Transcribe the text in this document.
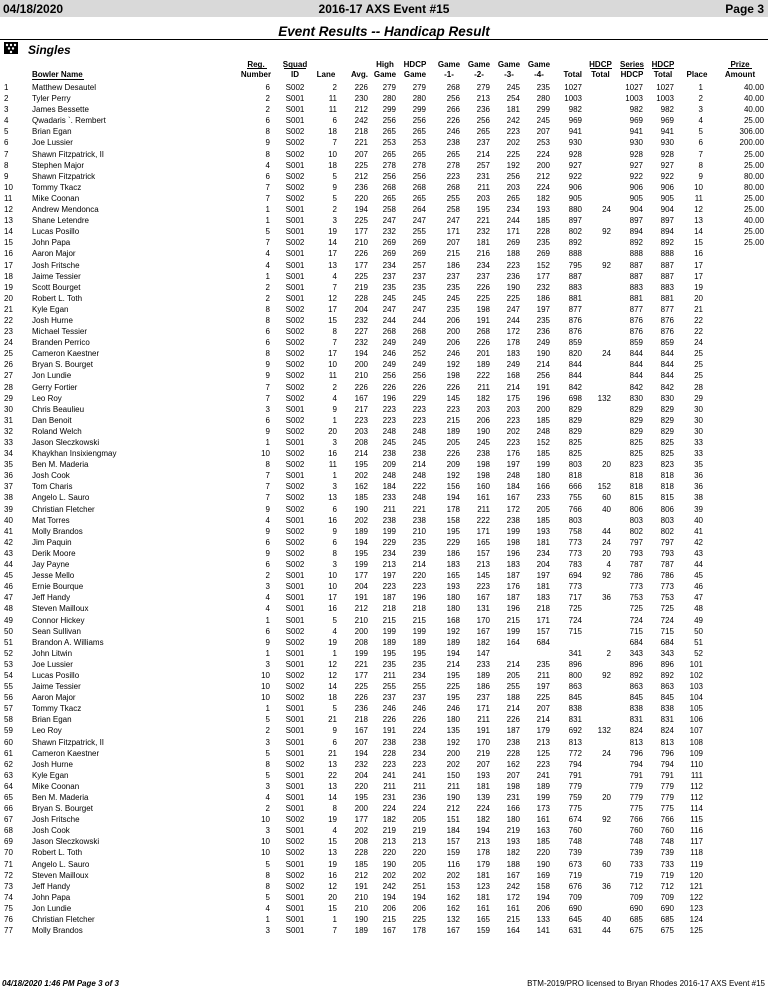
04/18/2020	2016-17 AXS Event #15	Page 3
Event Results -- Handicap Result
Singles
Bowler Name
Reg.
Number
Squad
ID	Lane	Avg.
High
Game
HDCP
Game
Game
-1-
Game
-2-
Game
-3-
Game
-4-	Total
HDCP
Total
Series
HDCP
HDCP
Total	Place
Prize
Amount
1	Matthew Desautel	6	S002	2	226	279	279	268	279	245	235	1027	1027	1027	1	40.00
2	Tyler Perry	2	S001	11	230	280	280	256	213	254	280	1003	1003	1003	2	40.00
3	James Bessette	2	S001	11	212	299	299	266	236	181	299	982	982	982	3	40.00
4	Qwadaris `. Rembert	6	S001	6	242	256	256	226	256	242	245	969	969	969	4	25.00
5	Brian Egan	8	S002	18	218	265	265	246	265	223	207	941	941	941	5	306.00
6	Joe Lussier	9	S002	7	221	253	253	238	237	202	253	930	930	930	6	200.00
7	Shawn Fitzpatrick, II	8	S002	10	207	265	265	265	214	225	224	928	928	928	7	25.00
8	Stephen Major	4	S001	18	225	278	278	278	257	192	200	927	927	927	8	25.00
9	Shawn Fitzpatrick	6	S002	5	212	256	256	223	231	256	212	922	922	922	9	80.00
10	Tommy Tkacz	7	S002	9	236	268	268	268	211	203	224	906	906	906	10	80.00
11	Mike Coonan	7	S002	5	220	265	265	255	203	265	182	905	905	905	11	25.00
12	Andrew Mendonca	1	S001	2	194	258	264	258	195	234	193	880	24	904	904	12	25.00
13	Shane Letendre	1	S001	3	225	247	247	247	221	244	185	897	897	897	13	40.00
14	Lucas Posillo	5	S001	19	177	232	255	171	232	171	228	802	92	894	894	14	25.00
15	John Papa	7	S002	14	210	269	269	207	181	269	235	892	892	892	15	25.00
16	Aaron Major	4	S001	17	226	269	269	215	216	188	269	888	888	888	16
17	Josh Fritsche	4	S001	13	177	234	257	186	234	223	152	795	92	887	887	17
18	Jaime Tessier	1	S001	4	225	237	237	237	237	236	177	887	887	887	17
19	Scott Bourget	2	S001	7	219	235	235	235	226	190	232	883	883	883	19
20	Robert L. Toth	2	S001	12	228	245	245	245	225	225	186	881	881	881	20
21	Kyle Egan	8	S002	17	204	247	247	235	198	247	197	877	877	877	21
22	Josh Hurne	8	S002	15	232	244	244	206	191	244	235	876	876	876	22
23	Michael Tessier	6	S002	8	227	268	268	200	268	172	236	876	876	876	22
24	Branden Perrico	6	S002	7	232	249	249	206	226	178	249	859	859	859	24
25	Cameron Kaestner	8	S002	17	194	246	252	246	201	183	190	820	24	844	844	25
26	Bryan S. Bourget	9	S002	10	200	249	249	192	189	249	214	844	844	844	25
27	Jon Lundie	9	S002	11	210	256	256	198	222	168	256	844	844	844	25
28	Gerry Fortier	7	S002	2	226	226	226	226	211	214	191	842	842	842	28
29	Leo Roy	7	S002	4	167	196	229	145	182	175	196	698	132	830	830	29
30	Chris Beaulieu	3	S001	9	217	223	223	223	203	203	200	829	829	829	30
31	Dan Benoit	6	S002	1	223	223	223	215	206	223	185	829	829	829	30
32	Roland Welch	9	S002	20	203	248	248	189	190	202	248	829	829	829	30
33	Jason Sleczkowski	1	S001	3	208	245	245	205	245	223	152	825	825	825	33
34	Khaykhan Insixiengmay	10	S002	16	214	238	238	226	238	176	185	825	825	825	33
35	Ben M. Maderia	8	S002	11	195	209	214	209	198	197	199	803	20	823	823	35
36	Josh Cook	7	S001	1	202	248	248	192	198	248	180	818	818	818	36
37	Tom Charis	7	S002	3	162	184	222	156	160	184	166	666	152	818	818	36
38	Angelo L. Sauro	7	S002	13	185	233	248	194	161	167	233	755	60	815	815	38
39	Christian Fletcher	9	S002	6	190	211	221	178	211	172	205	766	40	806	806	39
40	Mat Torres	4	S001	16	202	238	238	158	222	238	185	803	803	803	40
41	Molly Brandos	9	S002	9	189	199	210	195	171	199	193	758	44	802	802	41
42	Jim Paquin	6	S002	6	194	229	235	229	165	198	181	773	24	797	797	42
43	Derik Moore	9	S002	8	195	234	239	186	157	196	234	773	20	793	793	43
44	Jay Payne	6	S002	3	199	213	214	183	213	183	204	783	4	787	787	44
45	Jesse Mello	2	S001	10	177	197	220	165	145	187	197	694	92	786	786	45
46	Ernie Bourque	3	S001	10	204	223	223	193	223	176	181	773	773	773	46
47	Jeff Handy	4	S001	17	191	187	196	180	167	187	183	717	36	753	753	47
48	Steven Mailloux	4	S001	16	212	218	218	180	131	196	218	725	725	725	48
49	Connor Hickey	1	S001	5	210	215	215	168	170	215	171	724	724	724	49
50	Sean Sullivan	6	S002	4	200	199	199	192	167	199	157	715	715	715	50
51	Brandon A. Williams	9	S002	19	208	189	189	189	182	164	684	684	684	51
52	John Litwin	1	S001	1	199	195	195	194	147	341	2	343	343	52
53	Joe Lussier	3	S001	12	221	235	235	214	233	214	235	896	896	896	101
54	Lucas Posillo	10	S002	12	177	211	234	195	189	205	211	800	92	892	892	102
55	Jaime Tessier	10	S002	14	225	255	255	225	186	255	197	863	863	863	103
56	Aaron Major	10	S002	18	226	237	237	195	237	188	225	845	845	845	104
57	Tommy Tkacz	1	S001	5	236	246	246	246	171	214	207	838	838	838	105
58	Brian Egan	5	S001	21	218	226	226	180	211	226	214	831	831	831	106
59	Leo Roy	2	S001	9	167	191	224	135	191	187	179	692	132	824	824	107
60	Shawn Fitzpatrick, II	3	S001	6	207	238	238	192	170	238	213	813	813	813	108
61	Cameron Kaestner	5	S001	21	194	228	234	200	219	228	125	772	24	796	796	109
62	Josh Hurne	8	S002	13	232	223	223	202	207	162	223	794	794	794	110
63	Kyle Egan	5	S001	22	204	241	241	150	193	207	241	791	791	791	111
64	Mike Coonan	3	S001	13	220	211	211	211	181	198	189	779	779	779	112
65	Ben M. Maderia	4	S001	14	195	231	236	190	139	231	199	759	20	779	779	112
66	Bryan S. Bourget	2	S001	8	200	224	224	212	224	166	173	775	775	775	114
67	Josh Fritsche	10	S002	19	177	182	205	151	182	180	161	674	92	766	766	115
68	Josh Cook	3	S001	4	202	219	219	184	194	219	163	760	760	760	116
69	Jason Sleczkowski	10	S002	15	208	213	213	157	213	193	185	748	748	748	117
70	Robert L. Toth	10	S002	13	228	220	220	159	178	182	220	739	739	739	118
71	Angelo L. Sauro	5	S001	19	185	190	205	116	179	188	190	673	60	733	733	119
72	Steven Mailloux	8	S002	16	212	202	202	202	181	167	169	719	719	719	120
73	Jeff Handy	8	S002	12	191	242	251	153	123	242	158	676	36	712	712	121
74	John Papa	5	S001	20	210	194	194	162	181	172	194	709	709	709	122
75	Jon Lundie	4	S001	15	210	206	206	162	161	161	206	690	690	690	123
76	Christian Fletcher	1	S001	1	190	215	225	132	165	215	133	645	40	685	685	124
77	Molly Brandos	3	S001	7	189	167	178	167	159	164	141	631	44	675	675	125
04/18/2020 1:46 PM Page 3 of 3	BTM-2019/PRO licensed to Bryan Rhodes 2016-17 AXS Event #15
